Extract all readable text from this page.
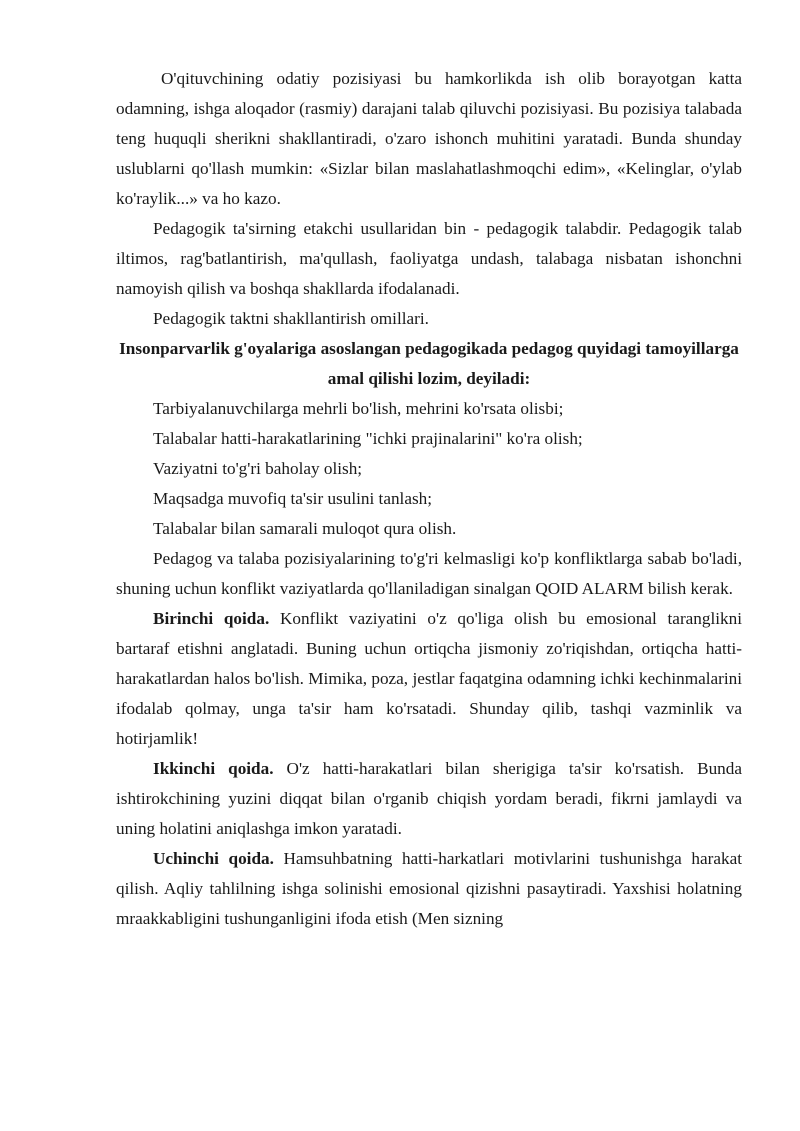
O'qituvchining odatiy pozisiyasi bu hamkorlikda ish olib borayotgan katta odamning, ishga aloqador (rasmiy) darajani talab qiluvchi pozisiyasi. Bu pozisiya talabada teng huquqli sherikni shakllantiradi, o'zaro ishonch muhitini yaratadi. Bunda shunday uslublarni qo'llash mumkin: «Sizlar bilan maslahatlashmoqchi edim», «Kelinglar, o'ylab ko'raylik...» va ho kazo.

Pedagogik ta'sirning etakchi usullaridan bin - pedagogik talabdir. Pedagogik talab iltimos, rag'batlantirish, ma'qullash, faoliyatga undash, talabaga nisbatan ishonchni namoyish qilish va boshqa shakllarda ifodalanadi.

Pedagogik taktni shakllantirish omillari.

Insonparvarlik g'oyalariga asoslangan pedagogikada pedagog quyidagi tamoyillarga amal qilishi lozim, deyiladi:

Tarbiyalanuvchilarga mehrli bo'lish, mehrini ko'rsata olisbi;

Talabalar hatti-harakatlarining "ichki prajinalarini" ko'ra olish;

Vaziyatni to'g'ri baholay olish;

Maqsadga muvofiq ta'sir usulini tanlash;

Talabalar bilan samarali muloqot qura olish.

Pedagog va talaba pozisiyalarining to'g'ri kelmasligi ko'p konfliktlarga sabab bo'ladi, shuning uchun konflikt vaziyatlarda qo'llaniladigan sinalgan QOID ALARM bilish kerak.

Birinchi qoida. Konflikt vaziyatini o'z qo'liga olish bu emosional taranglikni bartaraf etishni anglatadi. Buning uchun ortiqcha jismoniy zo'riqishdan, ortiqcha hatti-harakatlardan halos bo'lish. Mimika, poza, jestlar faqatgina odamning ichki kechinmalarini ifodalab qolmay, unga ta'sir ham ko'rsatadi. Shunday qilib, tashqi vazminlik va hotirjamlik!

Ikkinchi qoida. O'z hatti-harakatlari bilan sherigiga ta'sir ko'rsatish. Bunda ishtirokchining yuzini diqqat bilan o'rganib chiqish yordam beradi, fikrni jamlaydi va uning holatini aniqlashga imkon yaratadi.

Uchinchi qoida. Hamsuhbatning hatti-harkatlari motivlarini tushunishga harakat qilish. Aqliy tahlilning ishga solinishi emosional qizishni pasaytiradi. Yaxshisi holatning mraakkabligini tushunganligini ifoda etish (Men sizning
